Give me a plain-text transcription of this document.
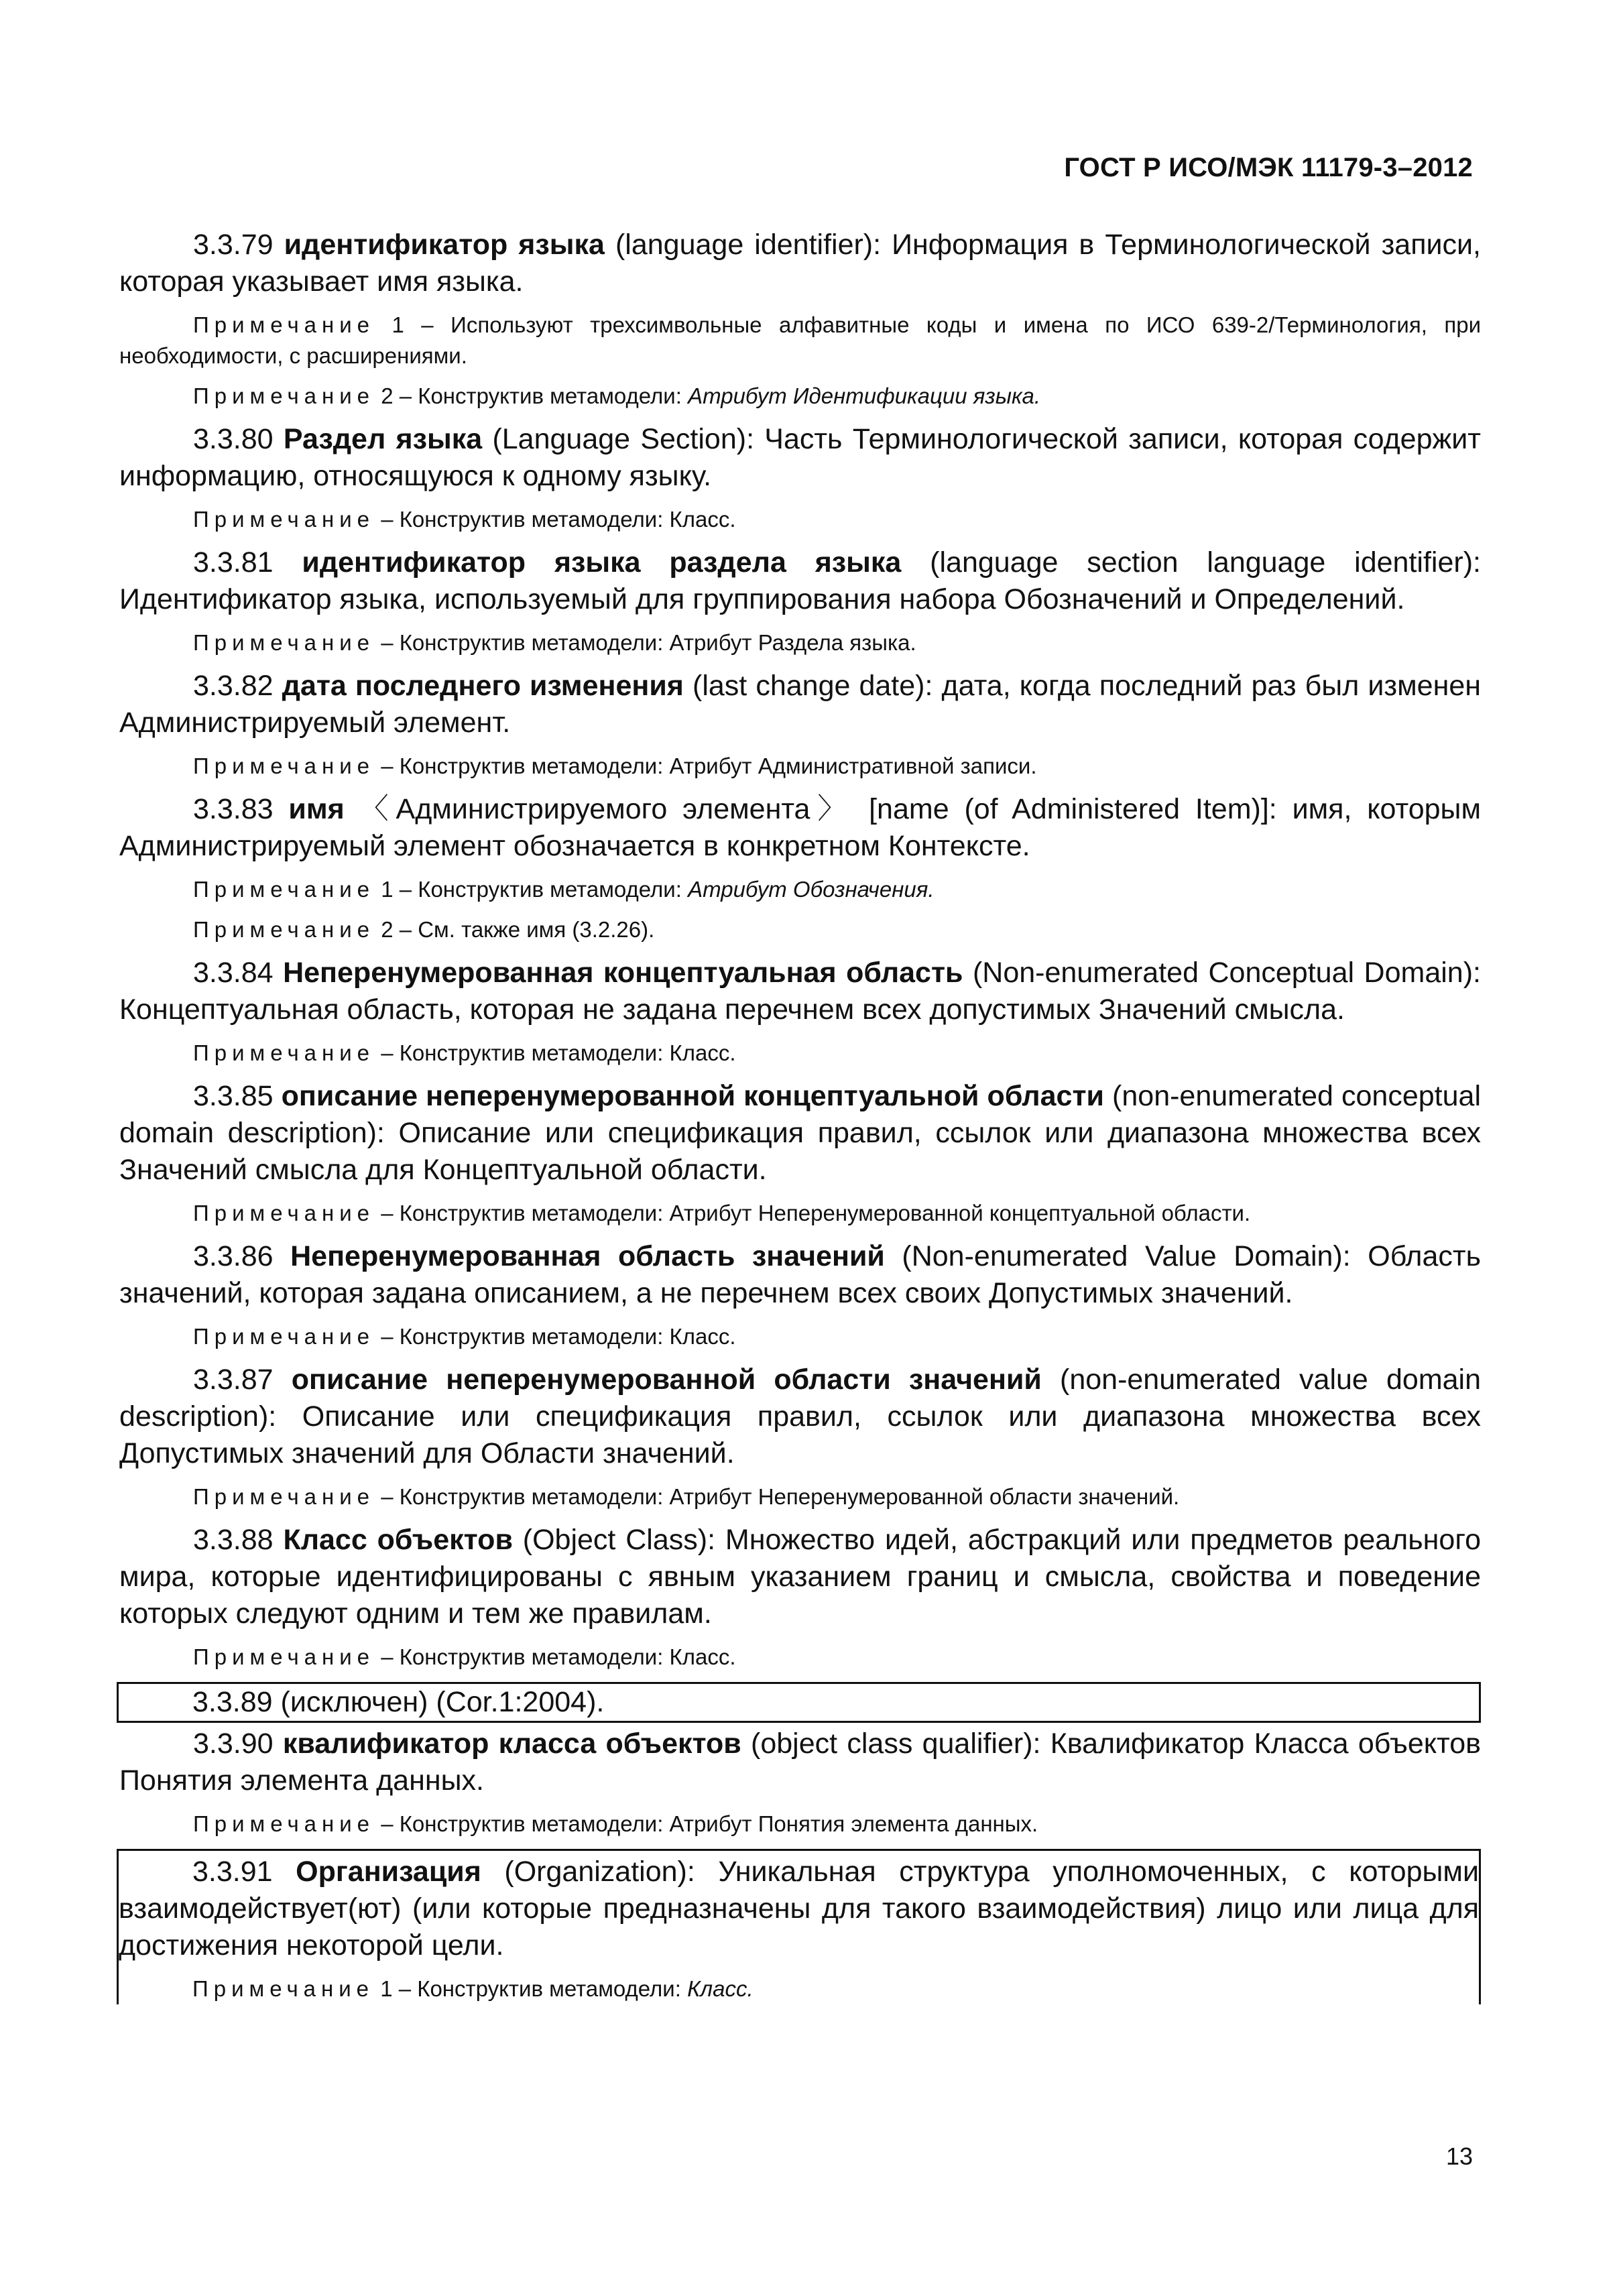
ГОСТ Р ИСО/МЭК 11179-3–2012

3.3.79 идентификатор языка (language identifier): Информация в Терминологической записи, которая указывает имя языка.

Примечание 1 – Используют трехсимвольные алфавитные коды и имена по ИСО 639-2/Терминология, при необходимости, с расширениями.

Примечание 2 – Конструктив метамодели: Атрибут Идентификации языка.

3.3.80 Раздел языка (Language Section): Часть Терминологической записи, которая содержит информацию, относящуюся к одному языку.

Примечание – Конструктив метамодели: Класс.

3.3.81 идентификатор языка раздела языка (language section language identifier): Идентификатор языка, используемый для группирования набора Обозначений и Определений.

Примечание – Конструктив метамодели: Атрибут Раздела языка.

3.3.82 дата последнего изменения (last change date): дата, когда последний раз был изменен Администрируемый элемент.

Примечание – Конструктив метамодели: Атрибут Административной записи.

3.3.83 имя 〈Администрируемого элемента〉 [name (of Administered Item)]: имя, которым Администрируемый элемент обозначается в конкретном Контексте.

Примечание 1 – Конструктив метамодели: Атрибут Обозначения.

Примечание 2 – См. также имя (3.2.26).

3.3.84 Неперенумерованная концептуальная область (Non-enumerated Conceptual Domain): Концептуальная область, которая не задана перечнем всех допустимых Значений смысла.

Примечание – Конструктив метамодели: Класс.

3.3.85 описание неперенумерованной концептуальной области (non-enumerated conceptual domain description): Описание или спецификация правил, ссылок или диапазона множества всех Значений смысла для Концептуальной области.

Примечание – Конструктив метамодели: Атрибут Неперенумерованной концептуальной области.

3.3.86 Неперенумерованная область значений (Non-enumerated Value Domain): Область значений, которая задана описанием, а не перечнем всех своих Допустимых значений.

Примечание – Конструктив метамодели: Класс.

3.3.87 описание неперенумерованной области значений (non-enumerated value domain description): Описание или спецификация правил, ссылок или диапазона множества всех Допустимых значений для Области значений.

Примечание – Конструктив метамодели: Атрибут Неперенумерованной области значений.

3.3.88 Класс объектов (Object Class): Множество идей, абстракций или предметов реального мира, которые идентифицированы с явным указанием границ и смысла, свойства и поведение которых следуют одним и тем же правилам.

Примечание – Конструктив метамодели: Класс.

3.3.89 (исключен) (Cor.1:2004).

3.3.90 квалификатор класса объектов (object class qualifier): Квалификатор Класса объектов Понятия элемента данных.

Примечание – Конструктив метамодели: Атрибут Понятия элемента данных.

3.3.91 Организация (Organization): Уникальная структура уполномоченных, с которыми взаимодействует(ют) (или которые предназначены для такого взаимодействия) лицо или лица для достижения некоторой цели.

Примечание 1 – Конструктив метамодели: Класс.

13
